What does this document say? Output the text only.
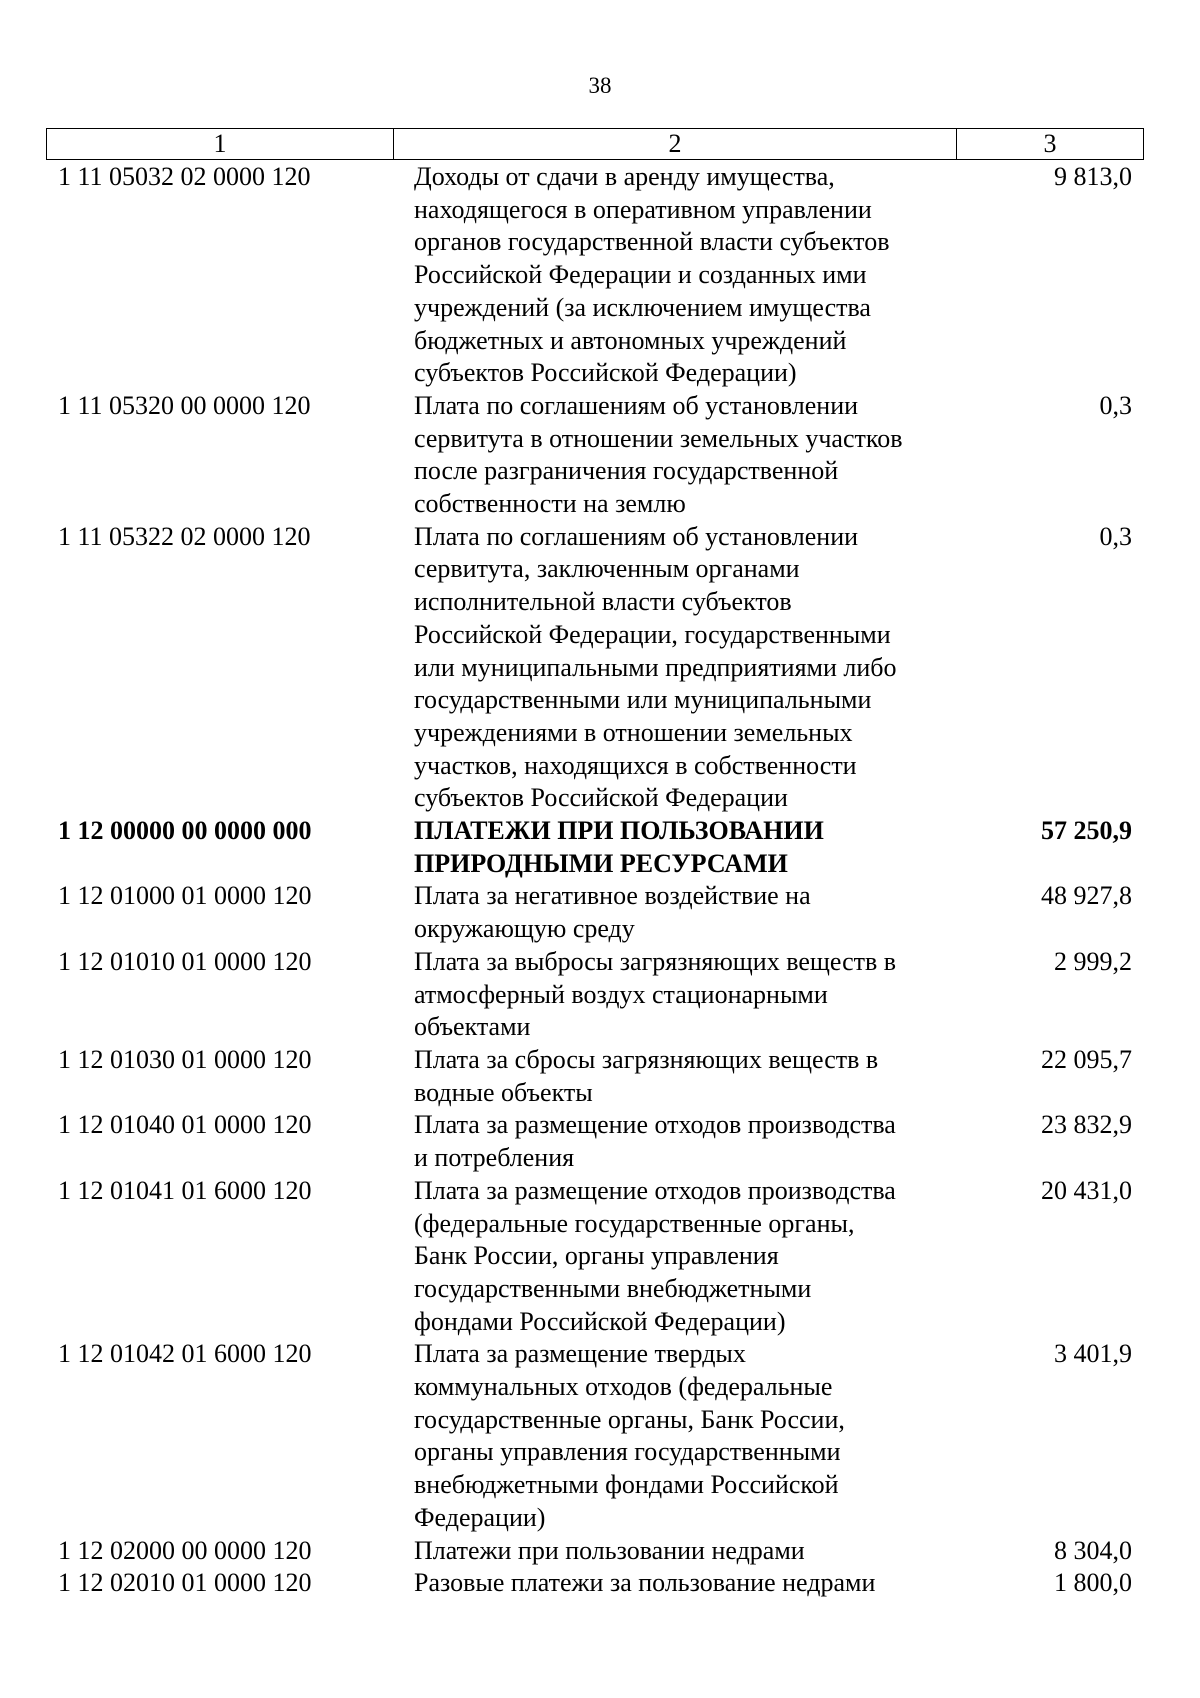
38
1	2	3
1 11 05032 02 0000 120	Доходы от сдачи в аренду имущества,
находящегося в оперативном управлении
органов государственной власти субъектов
Российской Федерации и созданных ими
учреждений (за исключением имущества
бюджетных и автономных учреждений
субъектов Российской Федерации)
9 813,0
1 11 05320 00 0000 120	Плата по соглашениям об установлении
сервитута в отношении земельных участков
после разграничения государственной
собственности на землю
0,3
1 11 05322 02 0000 120	Плата по соглашениям об установлении
сервитута, заключенным органами
исполнительной власти субъектов
Российской Федерации, государственными
или муниципальными предприятиями либо
государственными или муниципальными
учреждениями в отношении земельных
участков, находящихся в собственности
субъектов Российской Федерации
0,3
1 12 00000 00 0000 000	ПЛАТЕЖИ ПРИ ПОЛЬЗОВАНИИ
ПРИРОДНЫМИ РЕСУРСАМИ
57 250,9
1 12 01000 01 0000 120	Плата за негативное воздействие на
окружающую среду
48 927,8
1 12 01010 01 0000 120	Плата за выбросы загрязняющих веществ в
атмосферный воздух стационарными
объектами
2 999,2
1 12 01030 01 0000 120	Плата за сбросы загрязняющих веществ в
водные объекты
22 095,7
1 12 01040 01 0000 120	Плата за размещение отходов производства
и потребления
23 832,9
1 12 01041 01 6000 120	Плата за размещение отходов производства
(федеральные государственные органы,
Банк России, органы управления
государственными внебюджетными
фондами Российской Федерации)
20 431,0
1 12 01042 01 6000 120	Плата за размещение твердых
коммунальных отходов (федеральные
государственные органы, Банк России,
органы управления государственными
внебюджетными фондами Российской
Федерации)
3 401,9
1 12 02000 00 0000 120	Платежи при пользовании недрами	8 304,0
1 12 02010 01 0000 120	Разовые платежи за пользование недрами	1 800,0
